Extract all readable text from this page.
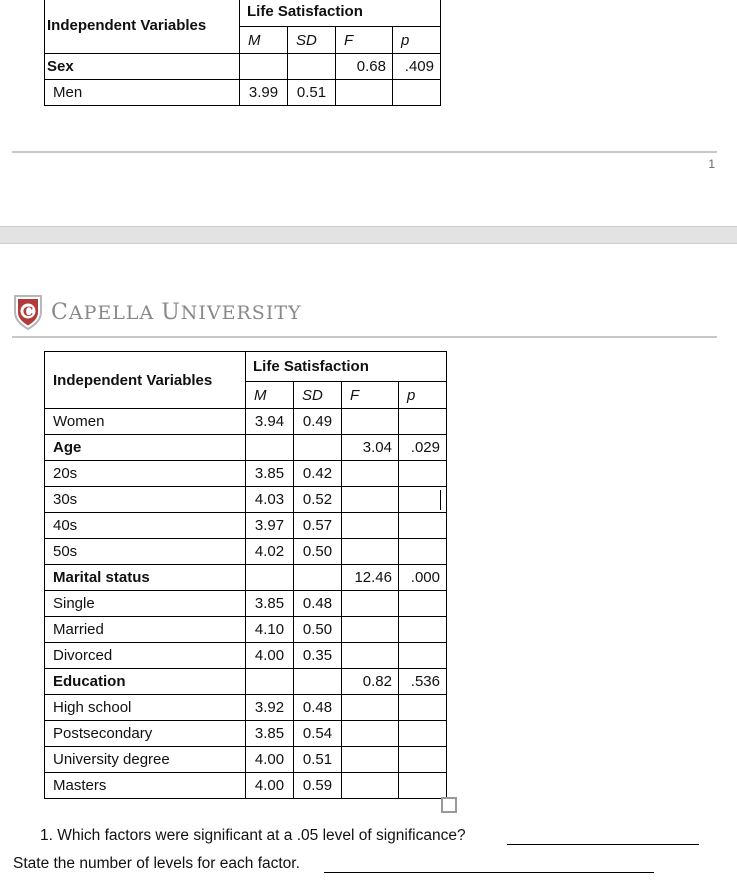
Independent Variables	Life Satisfaction			
	M	SD	F	p
Sex			0.68	.409
Men	3.99	0.51		
1
C CAPELLA UNIVERSITY
Independent Variables	Life Satisfaction			
	M	SD	F	p
Women	3.94	0.49		
Age			3.04	.029
20s	3.85	0.42		
30s	4.03	0.52		
40s	3.97	0.57		
50s	4.02	0.50		
Marital status			12.46	.000
Single	3.85	0.48		
Married	4.10	0.50		
Divorced	4.00	0.35		
Education			0.82	.536
High school	3.92	0.48		
Postsecondary	3.85	0.54		
University degree	4.00	0.51		
Masters	4.00	0.59		
1. Which factors were significant at a .05 level of significance?
State the number of levels for each factor.
